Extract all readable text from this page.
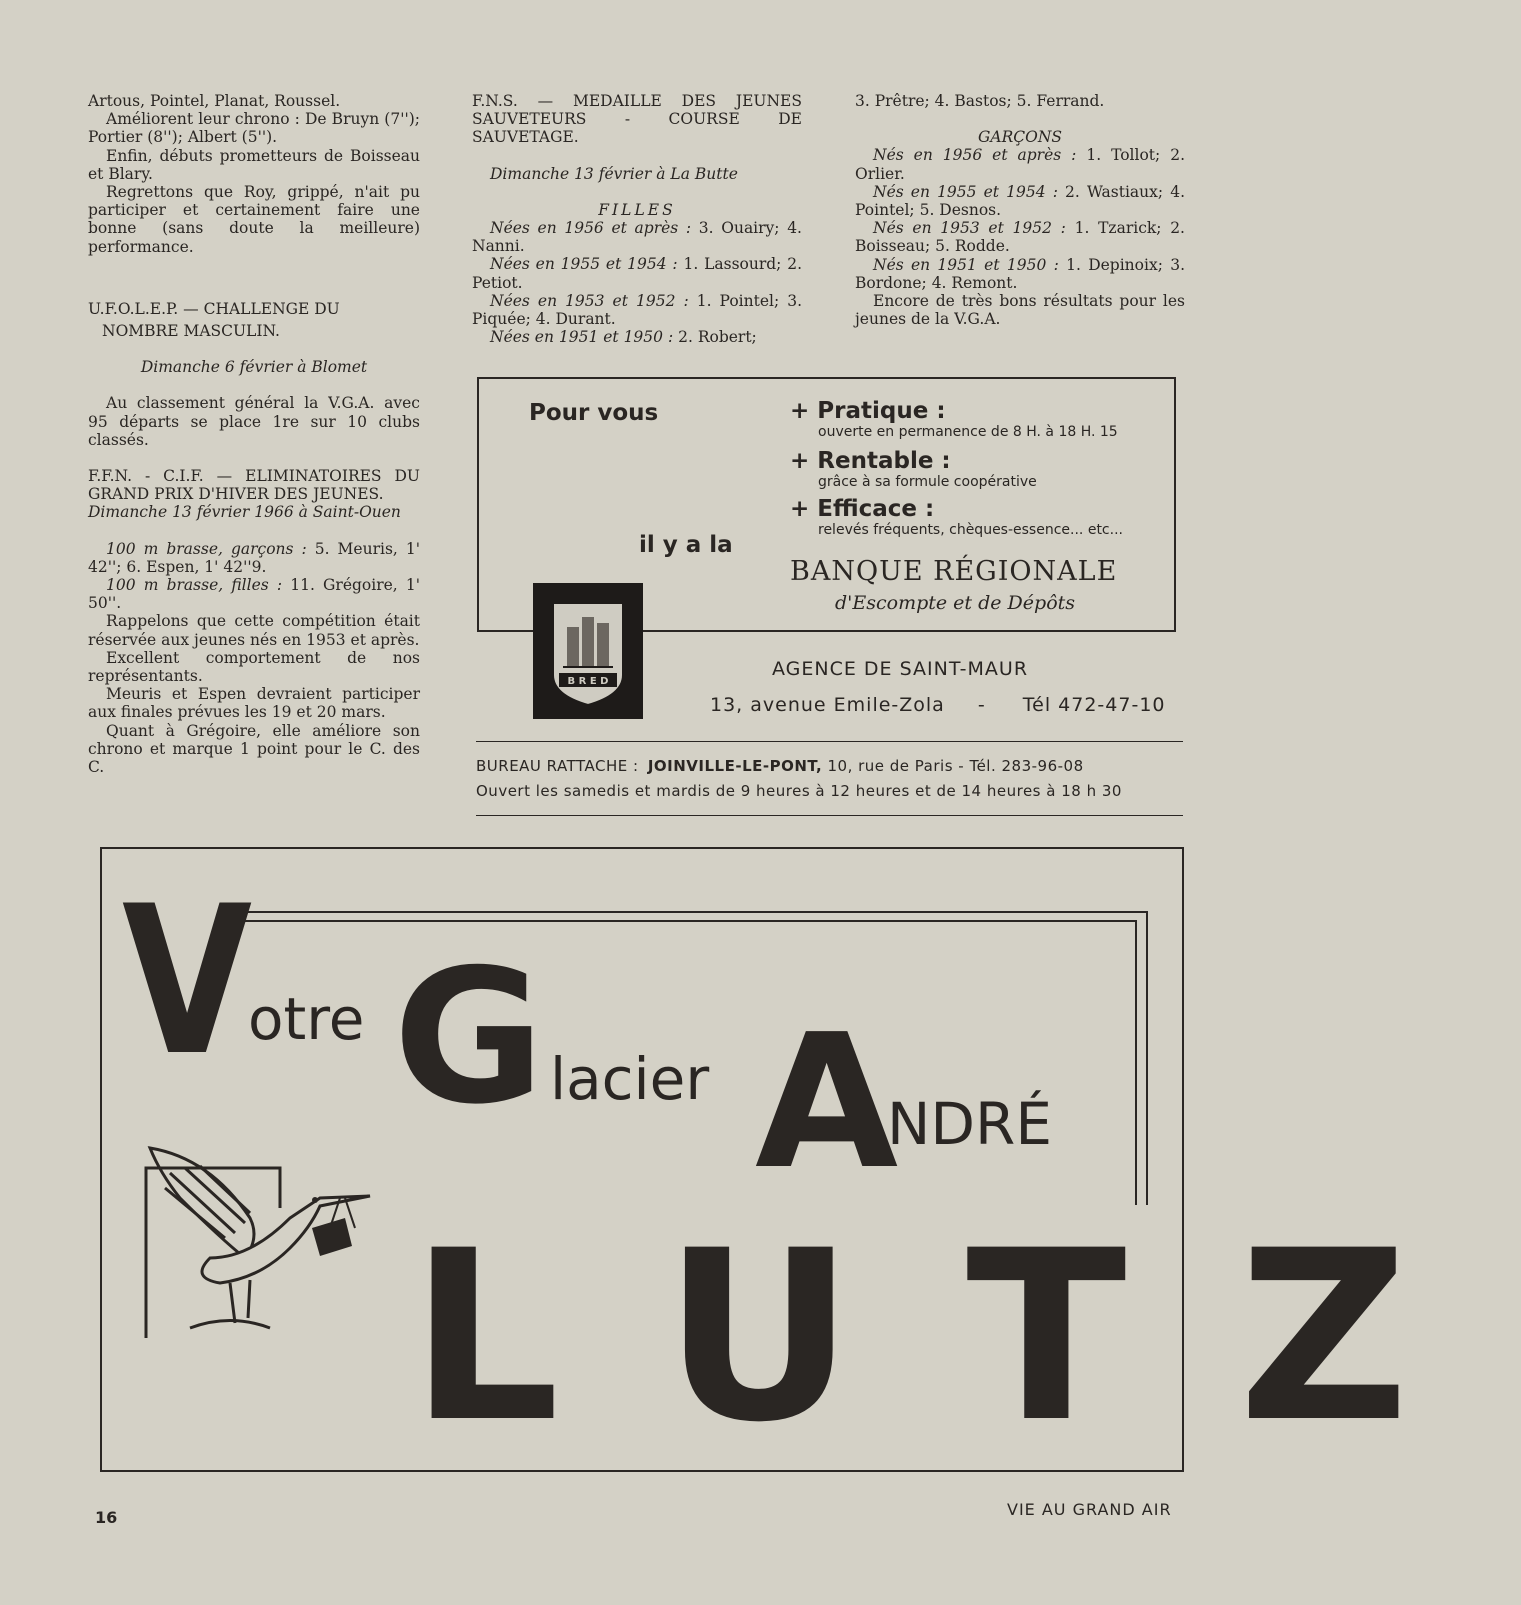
Artous, Pointel, Planat, Roussel.

Améliorent leur chrono : De Bruyn (7''); Portier (8''); Albert (5'').

Enfin, débuts prometteurs de Boisseau et Blary.

Regrettons que Roy, grippé, n'ait pu participer et certainement faire une bonne (sans doute la meilleure) performance.

U.F.O.L.E.P. — CHALLENGE DU

NOMBRE MASCULIN.

Dimanche 6 février à Blomet

Au classement général la V.G.A. avec 95 départs se place 1re sur 10 clubs classés.

F.F.N. - C.I.F. — ELIMINATOIRES DU GRAND PRIX D'HIVER DES JEUNES.

Dimanche 13 février 1966 à Saint-Ouen

100 m brasse, garçons : 5. Meuris, 1' 42''; 6. Espen, 1' 42''9.

100 m brasse, filles : 11. Grégoire, 1' 50''.

Rappelons que cette compétition était réservée aux jeunes nés en 1953 et après.

Excellent comportement de nos représentants.

Meuris et Espen devraient participer aux finales prévues les 19 et 20 mars.

Quant à Grégoire, elle améliore son chrono et marque 1 point pour le C. des C.

F.N.S. — MEDAILLE DES JEUNES SAUVETEURS - COURSE DE SAUVETAGE.

Dimanche 13 février à La Butte

FILLES

Nées en 1956 et après : 3. Ouairy; 4. Nanni.

Nées en 1955 et 1954 : 1. Lassourd; 2. Petiot.

Nées en 1953 et 1952 : 1. Pointel; 3. Piquée; 4. Durant.

Nées en 1951 et 1950 : 2. Robert;

3. Prêtre; 4. Bastos; 5. Ferrand.

GARÇONS

Nés en 1956 et après : 1. Tollot; 2. Orlier.

Nés en 1955 et 1954 : 2. Wastiaux; 4. Pointel; 5. Desnos.

Nés en 1953 et 1952 : 1. Tzarick; 2. Boisseau; 5. Rodde.

Nés en 1951 et 1950 : 1. Depinoix; 3. Bordone; 4. Remont.

Encore de très bons résultats pour les jeunes de la V.G.A.

Pour vous	+ Pratique :
ouverte en permanence de 8 H. à 18 H. 15
+ Rentable :
grâce à sa formule coopérative
+ Efficace :
relevés fréquents, chèques-essence... etc...
il y a la
BANQUE RÉGIONALE
d'Escompte et de Dépôts
B R E D
AGENCE DE SAINT-MAUR
13, avenue Emile-Zola - Tél 472-47-10
BUREAU RATTACHE : JOINVILLE-LE-PONT, 10, rue de Paris - Tél. 283-96-08
Ouvert les samedis et mardis de 9 heures à 12 heures et de 14 heures à 18 h 30
V
otre G lacier A
NDRÉ
LUTZ
16	VIE AU GRAND AIR
